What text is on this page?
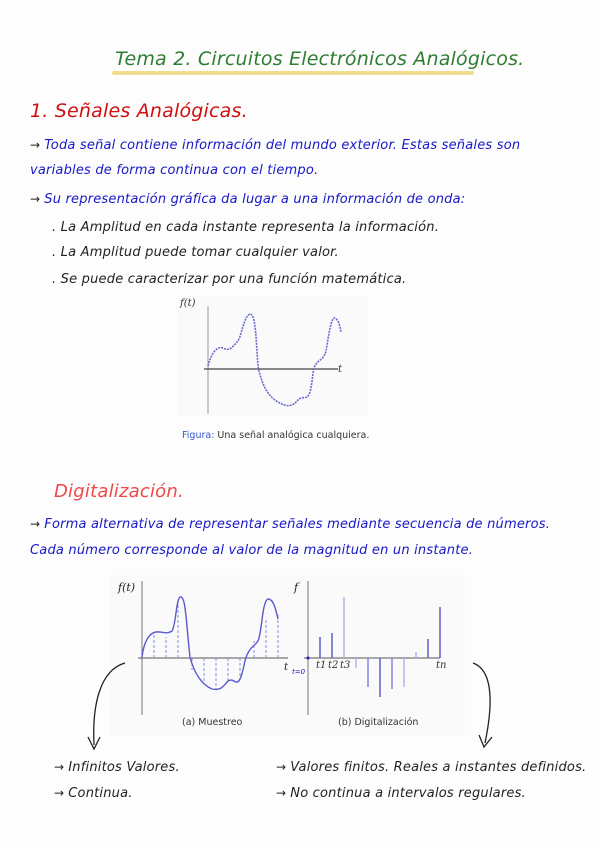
Tema 2. Circuitos Electrónicos Analógicos.
1. Señales Analógicas.
→ Toda señal contiene información del mundo exterior. Estas señales son
variables de forma continua con el tiempo.
→ Su representación gráfica da lugar a una información de onda:
. La Amplitud en cada instante representa la información.
. La Amplitud puede tomar cualquier valor.
. Se puede caracterizar por una función matemática.
f(t)
t
Figura: Una señal analógica cualquiera.
Digitalización.
→ Forma alternativa de representar señales mediante secuencia de números.
Cada número corresponde al valor de la magnitud en un instante.
f(t)
t
(a) Muestreo
f
t1 t2 t3	tn
t=0
(b) Digitalización
→ Infinitos Valores.
→ Continua.
→ Valores finitos. Reales a instantes definidos.
→ No continua a intervalos regulares.
